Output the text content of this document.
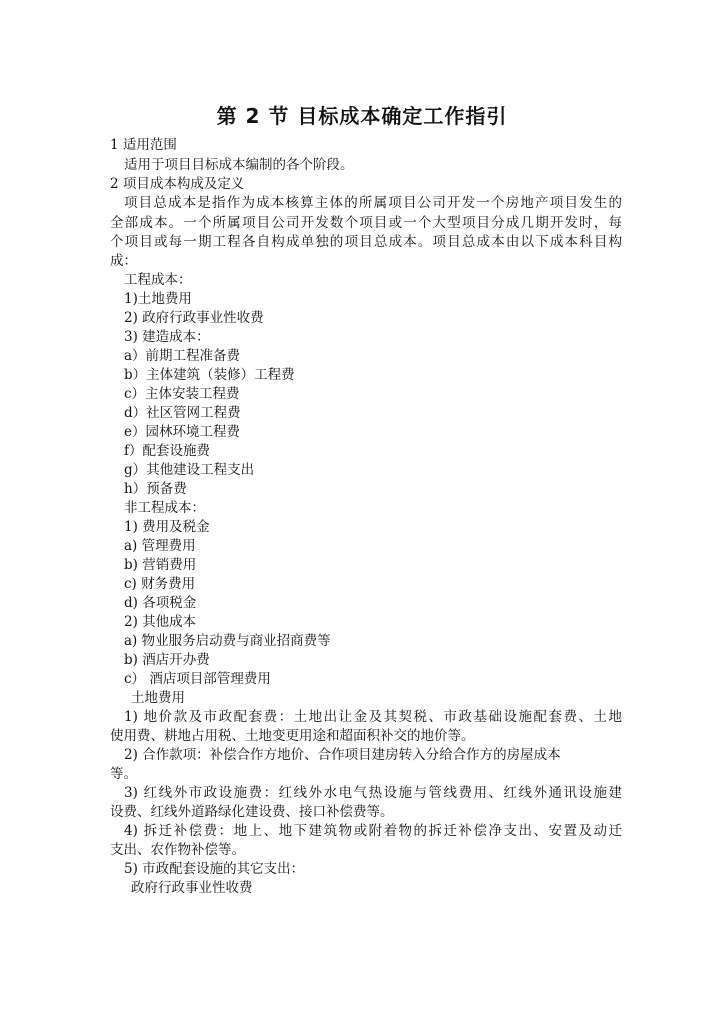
第 2 节 目标成本确定工作指引
1 适用范围
适用于项目目标成本编制的各个阶段。
2 项目成本构成及定义
项目总成本是指作为成本核算主体的所属项目公司开发一个房地产项目发生的
全部成本。一个所属项目公司开发数个项目或一个大型项目分成几期开发时，每
个项目或每一期工程各自构成单独的项目总成本。项目总成本由以下成本科目构
成：
工程成本：
1)土地费用
2) 政府行政事业性收费
3) 建造成本：
a）前期工程准备费
b）主体建筑（装修）工程费
c）主体安装工程费
d）社区管网工程费
e）园林环境工程费
f）配套设施费
g）其他建设工程支出
h）预备费
非工程成本：
1) 费用及税金
a) 管理费用
b) 营销费用
c) 财务费用
d) 各项税金
2) 其他成本
a) 物业服务启动费与商业招商费等
b) 酒店开办费
c） 酒店项目部管理费用
土地费用
1) 地价款及市政配套费：土地出让金及其契税、市政基础设施配套费、土地
使用费、耕地占用税、土地变更用途和超面积补交的地价等。
2) 合作款项：补偿合作方地价、合作项目建房转入分给合作方的房屋成本
等。
3) 红线外市政设施费：红线外水电气热设施与管线费用、红线外通讯设施建
设费、红线外道路绿化建设费、接口补偿费等。
4) 拆迁补偿费：地上、地下建筑物或附着物的拆迁补偿净支出、安置及动迁
支出、农作物补偿等。
5) 市政配套设施的其它支出：
政府行政事业性收费
